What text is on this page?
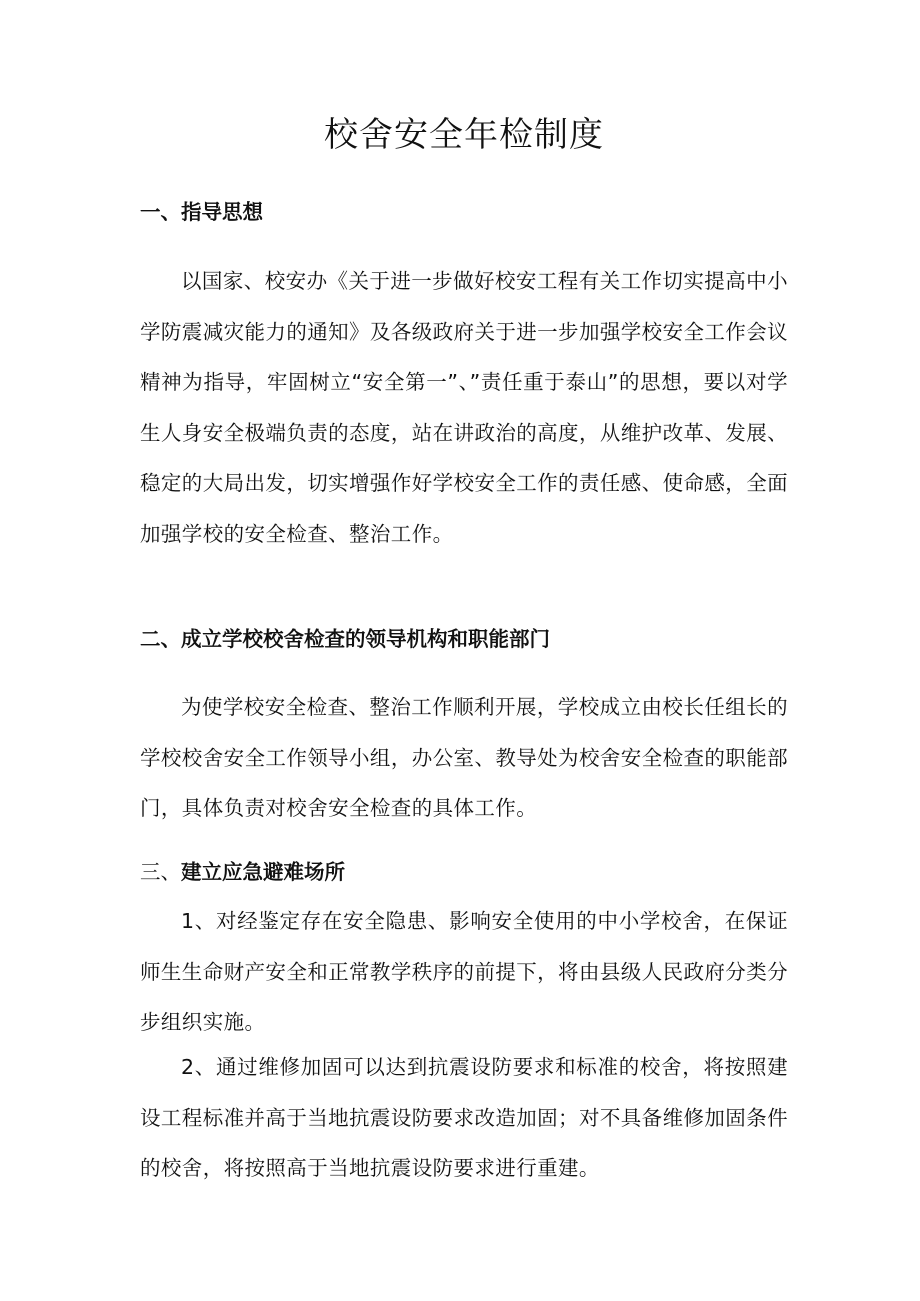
校舍安全年检制度
一、指导思想

以国家、校安办《关于进一步做好校安工程有关工作切实提高中小学防震减灾能力的通知》及各级政府关于进一步加强学校安全工作会议精神为指导，牢固树立“安全第一”、”责任重于泰山”的思想，要以对学生人身安全极端负责的态度，站在讲政治的高度，从维护改革、发展、稳定的大局出发，切实增强作好学校安全工作的责任感、使命感，全面加强学校的安全检查、整治工作。

二、成立学校校舍检查的领导机构和职能部门

为使学校安全检查、整治工作顺利开展，学校成立由校长任组长的学校校舍安全工作领导小组，办公室、教导处为校舍安全检查的职能部门，具体负责对校舍安全检查的具体工作。

三、建立应急避难场所

1、对经鉴定存在安全隐患、影响安全使用的中小学校舍，在保证师生生命财产安全和正常教学秩序的前提下，将由县级人民政府分类分步组织实施。

2、通过维修加固可以达到抗震设防要求和标准的校舍，将按照建设工程标准并高于当地抗震设防要求改造加固；对不具备维修加固条件的校舍，将按照高于当地抗震设防要求进行重建。
